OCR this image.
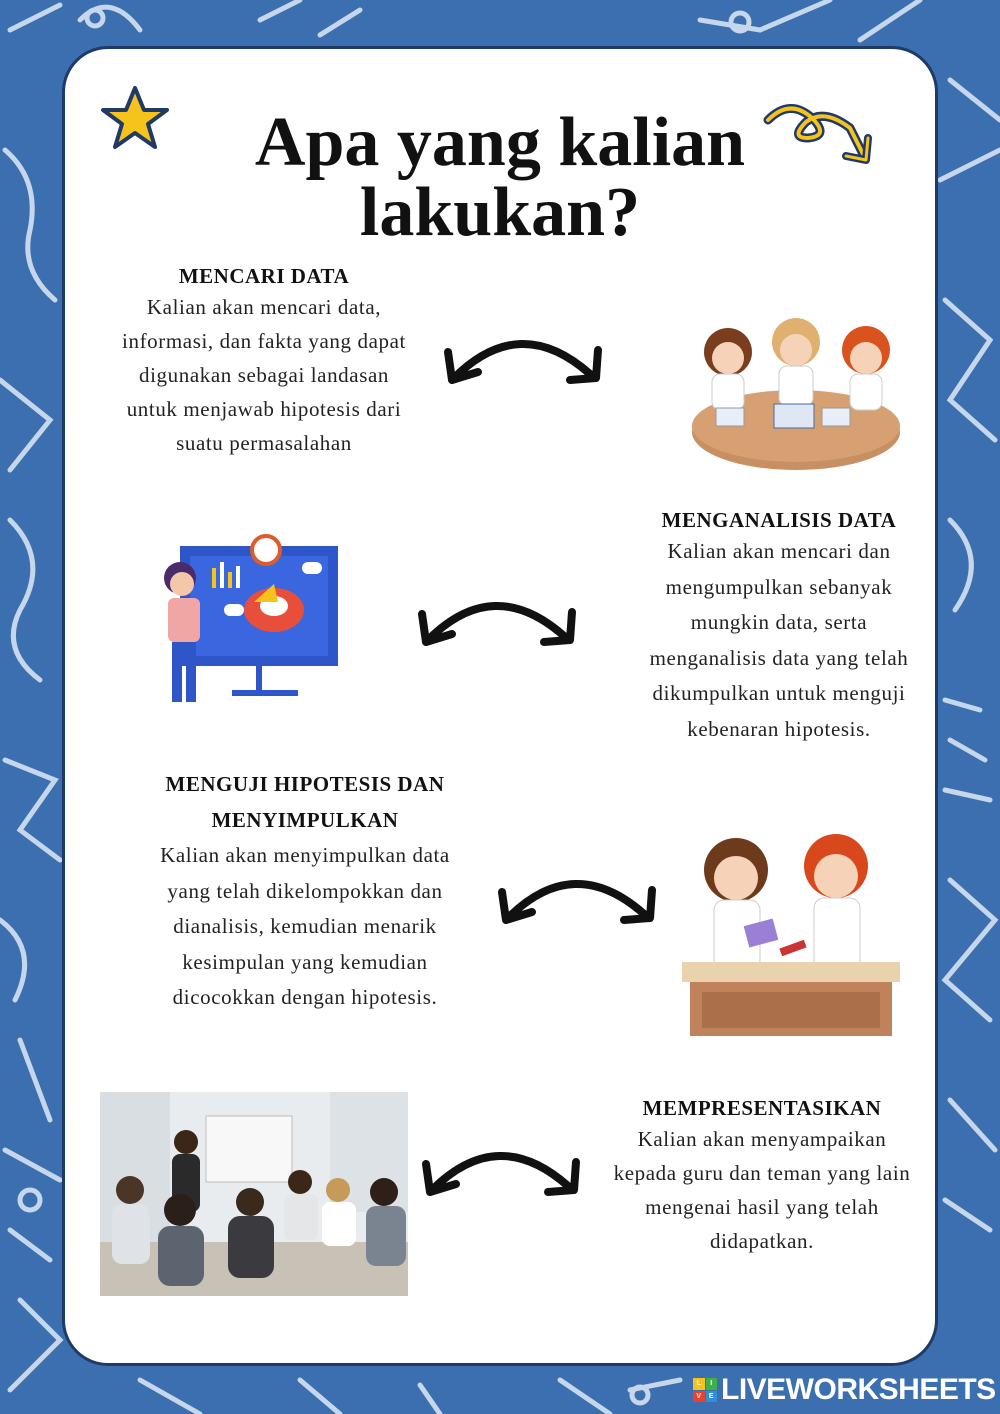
Apa yang kalian
lakukan?
MENCARI DATA
Kalian akan mencari data,
informasi, dan fakta yang dapat
digunakan sebagai landasan
untuk menjawab hipotesis dari
suatu permasalahan
MENGANALISIS DATA
Kalian akan mencari dan
mengumpulkan sebanyak
mungkin data, serta
menganalisis data yang telah
dikumpulkan untuk menguji
kebenaran hipotesis.
MENGUJI HIPOTESIS DAN
MENYIMPULKAN
Kalian akan menyimpulkan data
yang telah dikelompokkan dan
dianalisis, kemudian menarik
kesimpulan yang kemudian
dicocokkan dengan hipotesis.
MEMPRESENTASIKAN
Kalian akan menyampaikan
kepada guru dan teman yang lain
mengenai hasil yang telah
didapatkan.
L	I
V	E LIVEWORKSHEETS
